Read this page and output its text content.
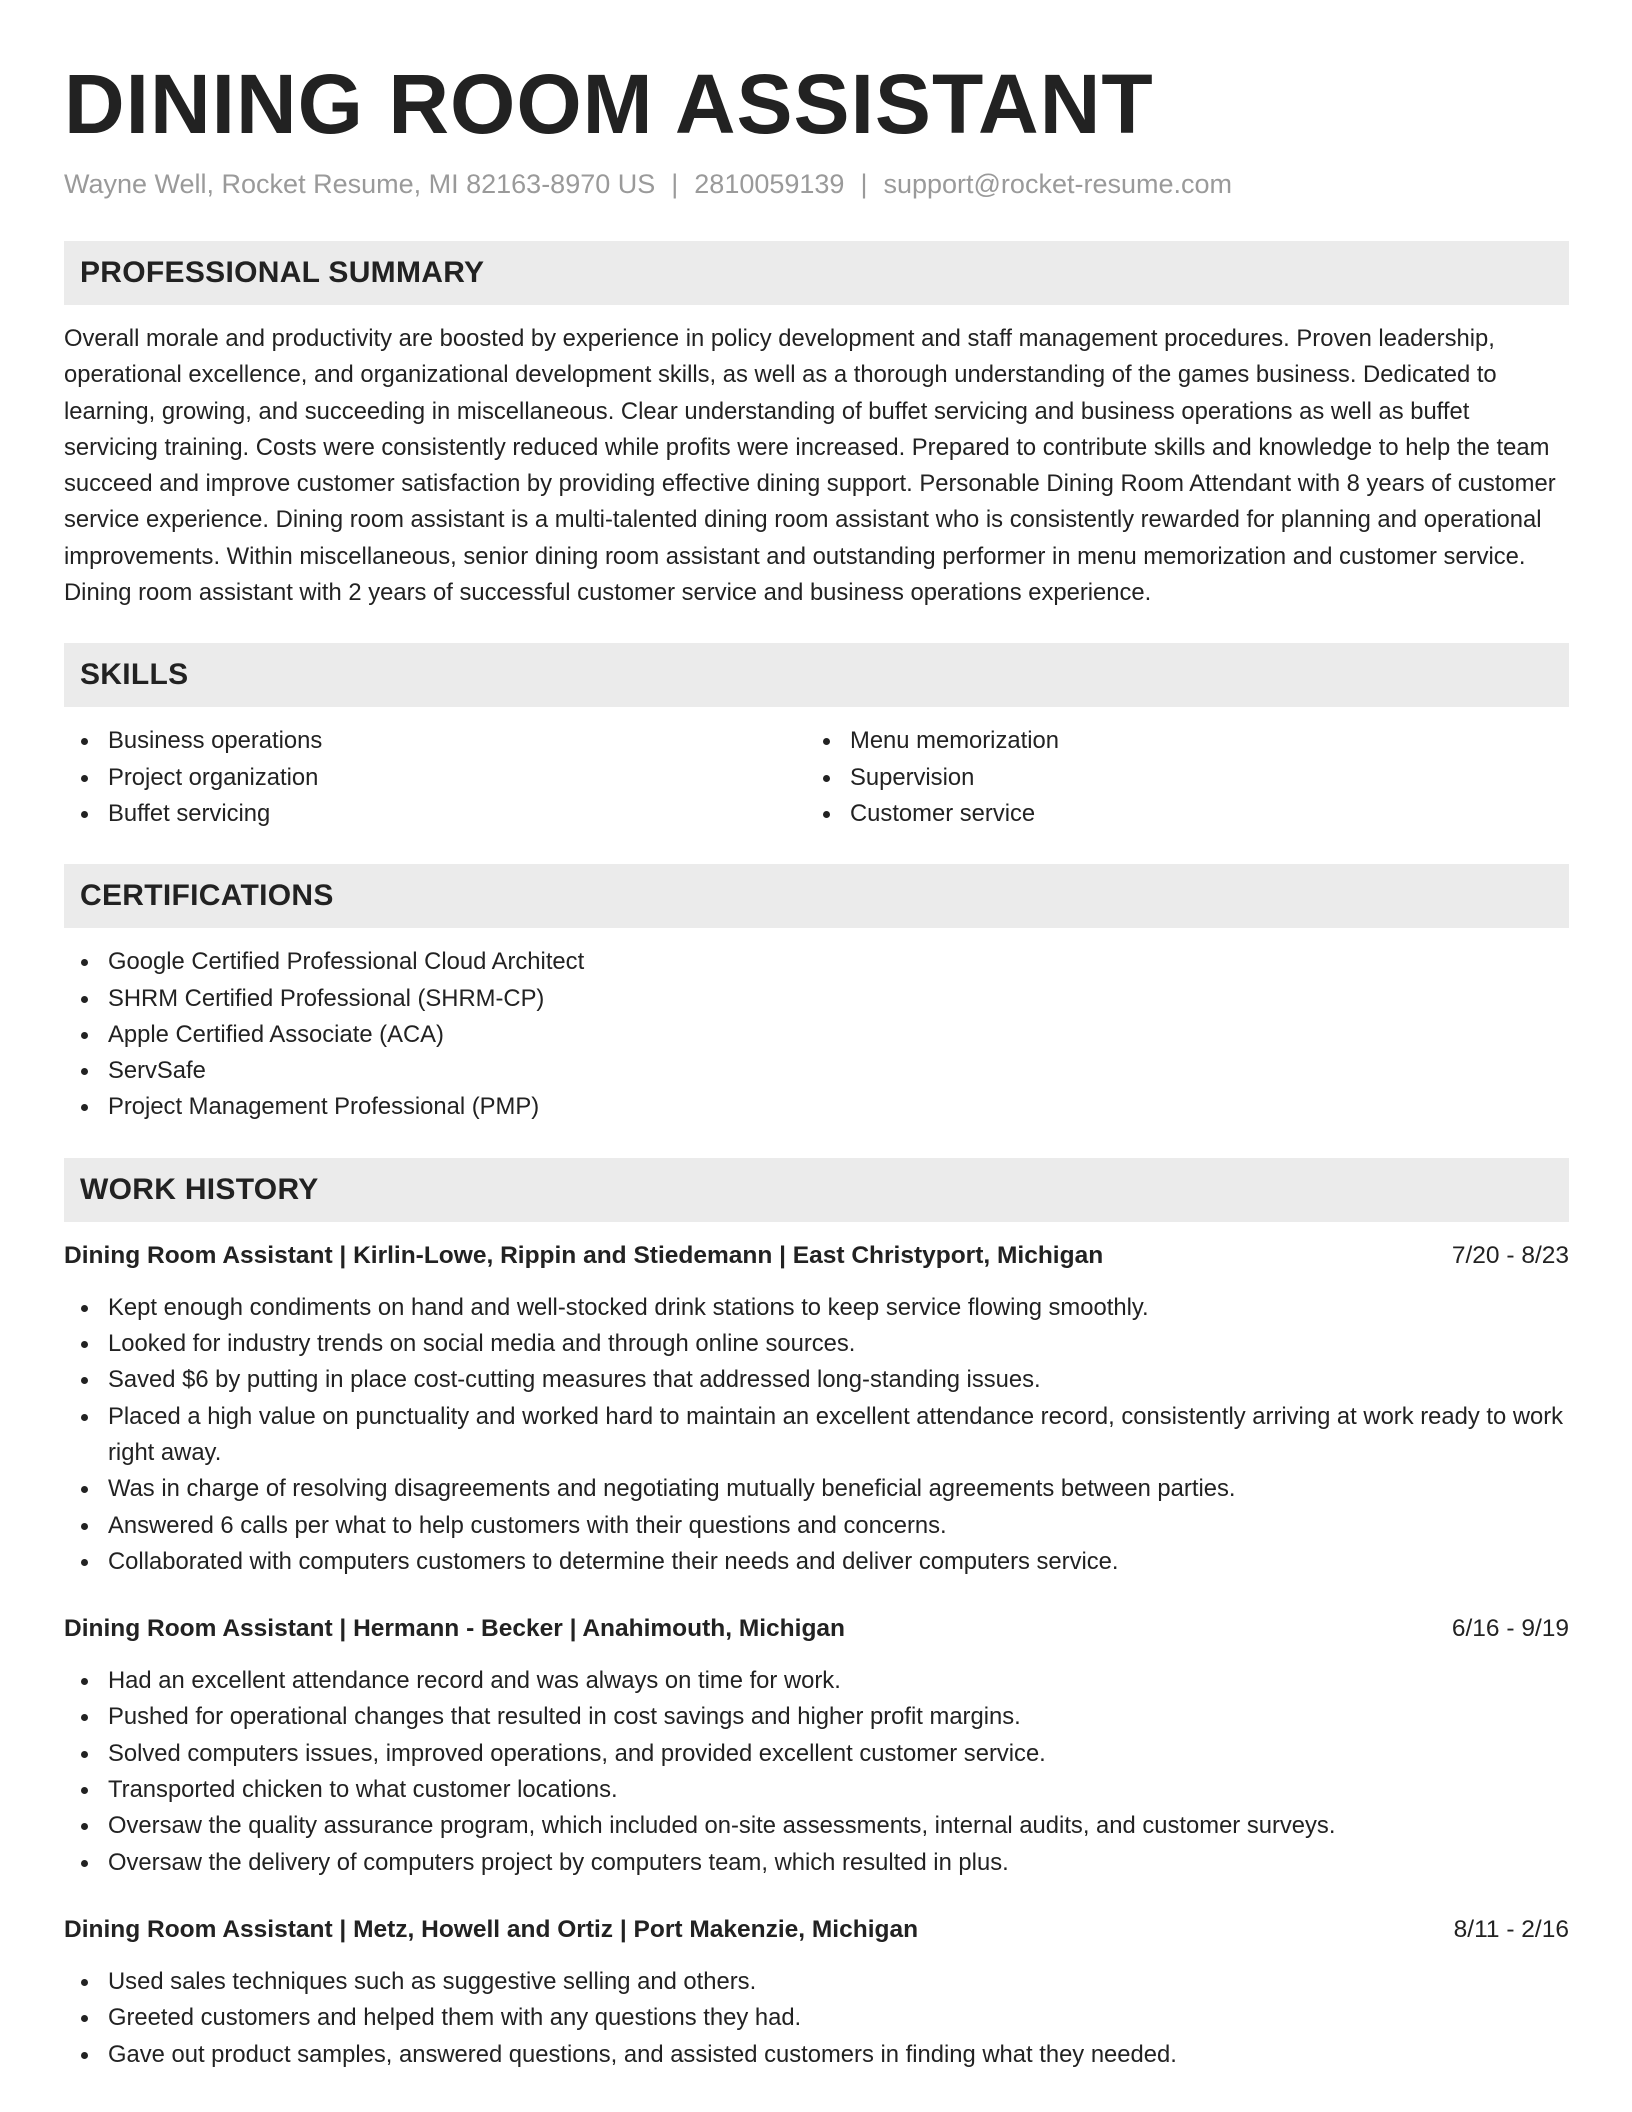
DINING ROOM ASSISTANT
Wayne Well, Rocket Resume, MI 82163-8970 US | 2810059139 | support@rocket-resume.com
PROFESSIONAL SUMMARY

Overall morale and productivity are boosted by experience in policy development and staff management procedures. Proven leadership, operational excellence, and organizational development skills, as well as a thorough understanding of the games business. Dedicated to learning, growing, and succeeding in miscellaneous. Clear understanding of buffet servicing and business operations as well as buffet servicing training. Costs were consistently reduced while profits were increased. Prepared to contribute skills and knowledge to help the team succeed and improve customer satisfaction by providing effective dining support. Personable Dining Room Attendant with 8 years of customer service experience. Dining room assistant is a multi-talented dining room assistant who is consistently rewarded for planning and operational improvements. Within miscellaneous, senior dining room assistant and outstanding performer in menu memorization and customer service. Dining room assistant with 2 years of successful customer service and business operations experience.

SKILLS
Business operations
Project organization
Buffet servicing
Menu memorization
Supervision
Customer service
CERTIFICATIONS
Google Certified Professional Cloud Architect
SHRM Certified Professional (SHRM-CP)
Apple Certified Associate (ACA)
ServSafe
Project Management Professional (PMP)
WORK HISTORY
Dining Room Assistant | Kirlin-Lowe, Rippin and Stiedemann | East Christyport, Michigan	7/20 - 8/23
Kept enough condiments on hand and well-stocked drink stations to keep service flowing smoothly.
Looked for industry trends on social media and through online sources.
Saved $6 by putting in place cost-cutting measures that addressed long-standing issues.
Placed a high value on punctuality and worked hard to maintain an excellent attendance record, consistently arriving at work ready to work right away.
Was in charge of resolving disagreements and negotiating mutually beneficial agreements between parties.
Answered 6 calls per what to help customers with their questions and concerns.
Collaborated with computers customers to determine their needs and deliver computers service.
Dining Room Assistant | Hermann - Becker | Anahimouth, Michigan	6/16 - 9/19
Had an excellent attendance record and was always on time for work.
Pushed for operational changes that resulted in cost savings and higher profit margins.
Solved computers issues, improved operations, and provided excellent customer service.
Transported chicken to what customer locations.
Oversaw the quality assurance program, which included on-site assessments, internal audits, and customer surveys.
Oversaw the delivery of computers project by computers team, which resulted in plus.
Dining Room Assistant | Metz, Howell and Ortiz | Port Makenzie, Michigan	8/11 - 2/16
Used sales techniques such as suggestive selling and others.
Greeted customers and helped them with any questions they had.
Gave out product samples, answered questions, and assisted customers in finding what they needed.
